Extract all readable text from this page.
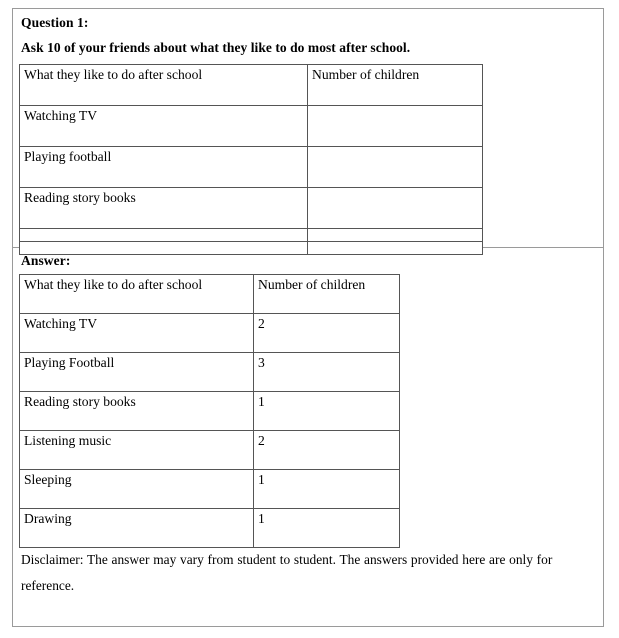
Question 1:
Ask 10 of your friends about what they like to do most after school.
What they like to do after school	Number of children
Watching TV	
Playing football	
Reading story books	

Answer:
What they like to do after school	Number of children
Watching TV	2
Playing Football	3
Reading story books	1
Listening music	2
Sleeping	1
Drawing	1
Disclaimer: The answer may vary from student to student. The answers provided here are only for reference.
